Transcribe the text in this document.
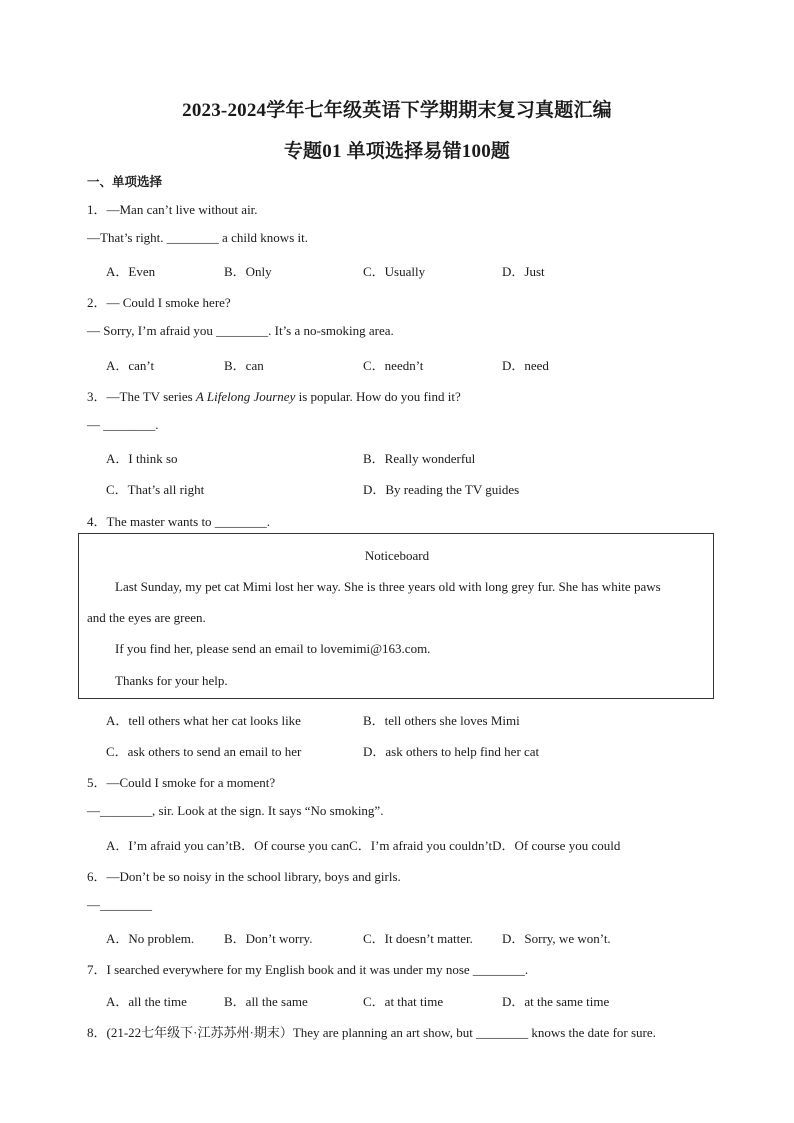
2023-2024学年七年级英语下学期期末复习真题汇编
专题01 单项选择易错100题
一、单项选择
1．—Man can’t live without air.
—That’s right. ________ a child knows it.
A．Even	B．Only	C．Usually	D．Just
2．— Could I smoke here?
— Sorry, I’m afraid you ________. It’s a no-smoking area.
A．can’t	B．can	C．needn’t	D．need
3．—The TV series A Lifelong Journey is popular. How do you find it?
— ________.
A．I think so	B．Really wonderful
C．That’s all right	D．By reading the TV guides
4．The master wants to ________.
Noticeboard
Last Sunday, my pet cat Mimi lost her way. She is three years old with long grey fur. She has white paws
and the eyes are green.
If you find her, please send an email to lovemimi@163.com.
Thanks for your help.
A．tell others what her cat looks like	B．tell others she loves Mimi
C．ask others to send an email to her	D．ask others to help find her cat
5．—Could I smoke for a moment?
—________, sir. Look at the sign. It says “No smoking”.
A．I’m afraid you can’tB．Of course you canC．I’m afraid you couldn’tD．Of course you could
6．—Don’t be so noisy in the school library, boys and girls.
—________
A．No problem. B．Don’t worry.	C．It doesn’t matter. D．Sorry, we won’t.
7．I searched everywhere for my English book and it was under my nose ________.
A．all the time	B．all the same	C．at that time	D．at the same time
8．(21-22七年级下·江苏苏州·期末）They are planning an art show, but ________ knows the date for sure.
